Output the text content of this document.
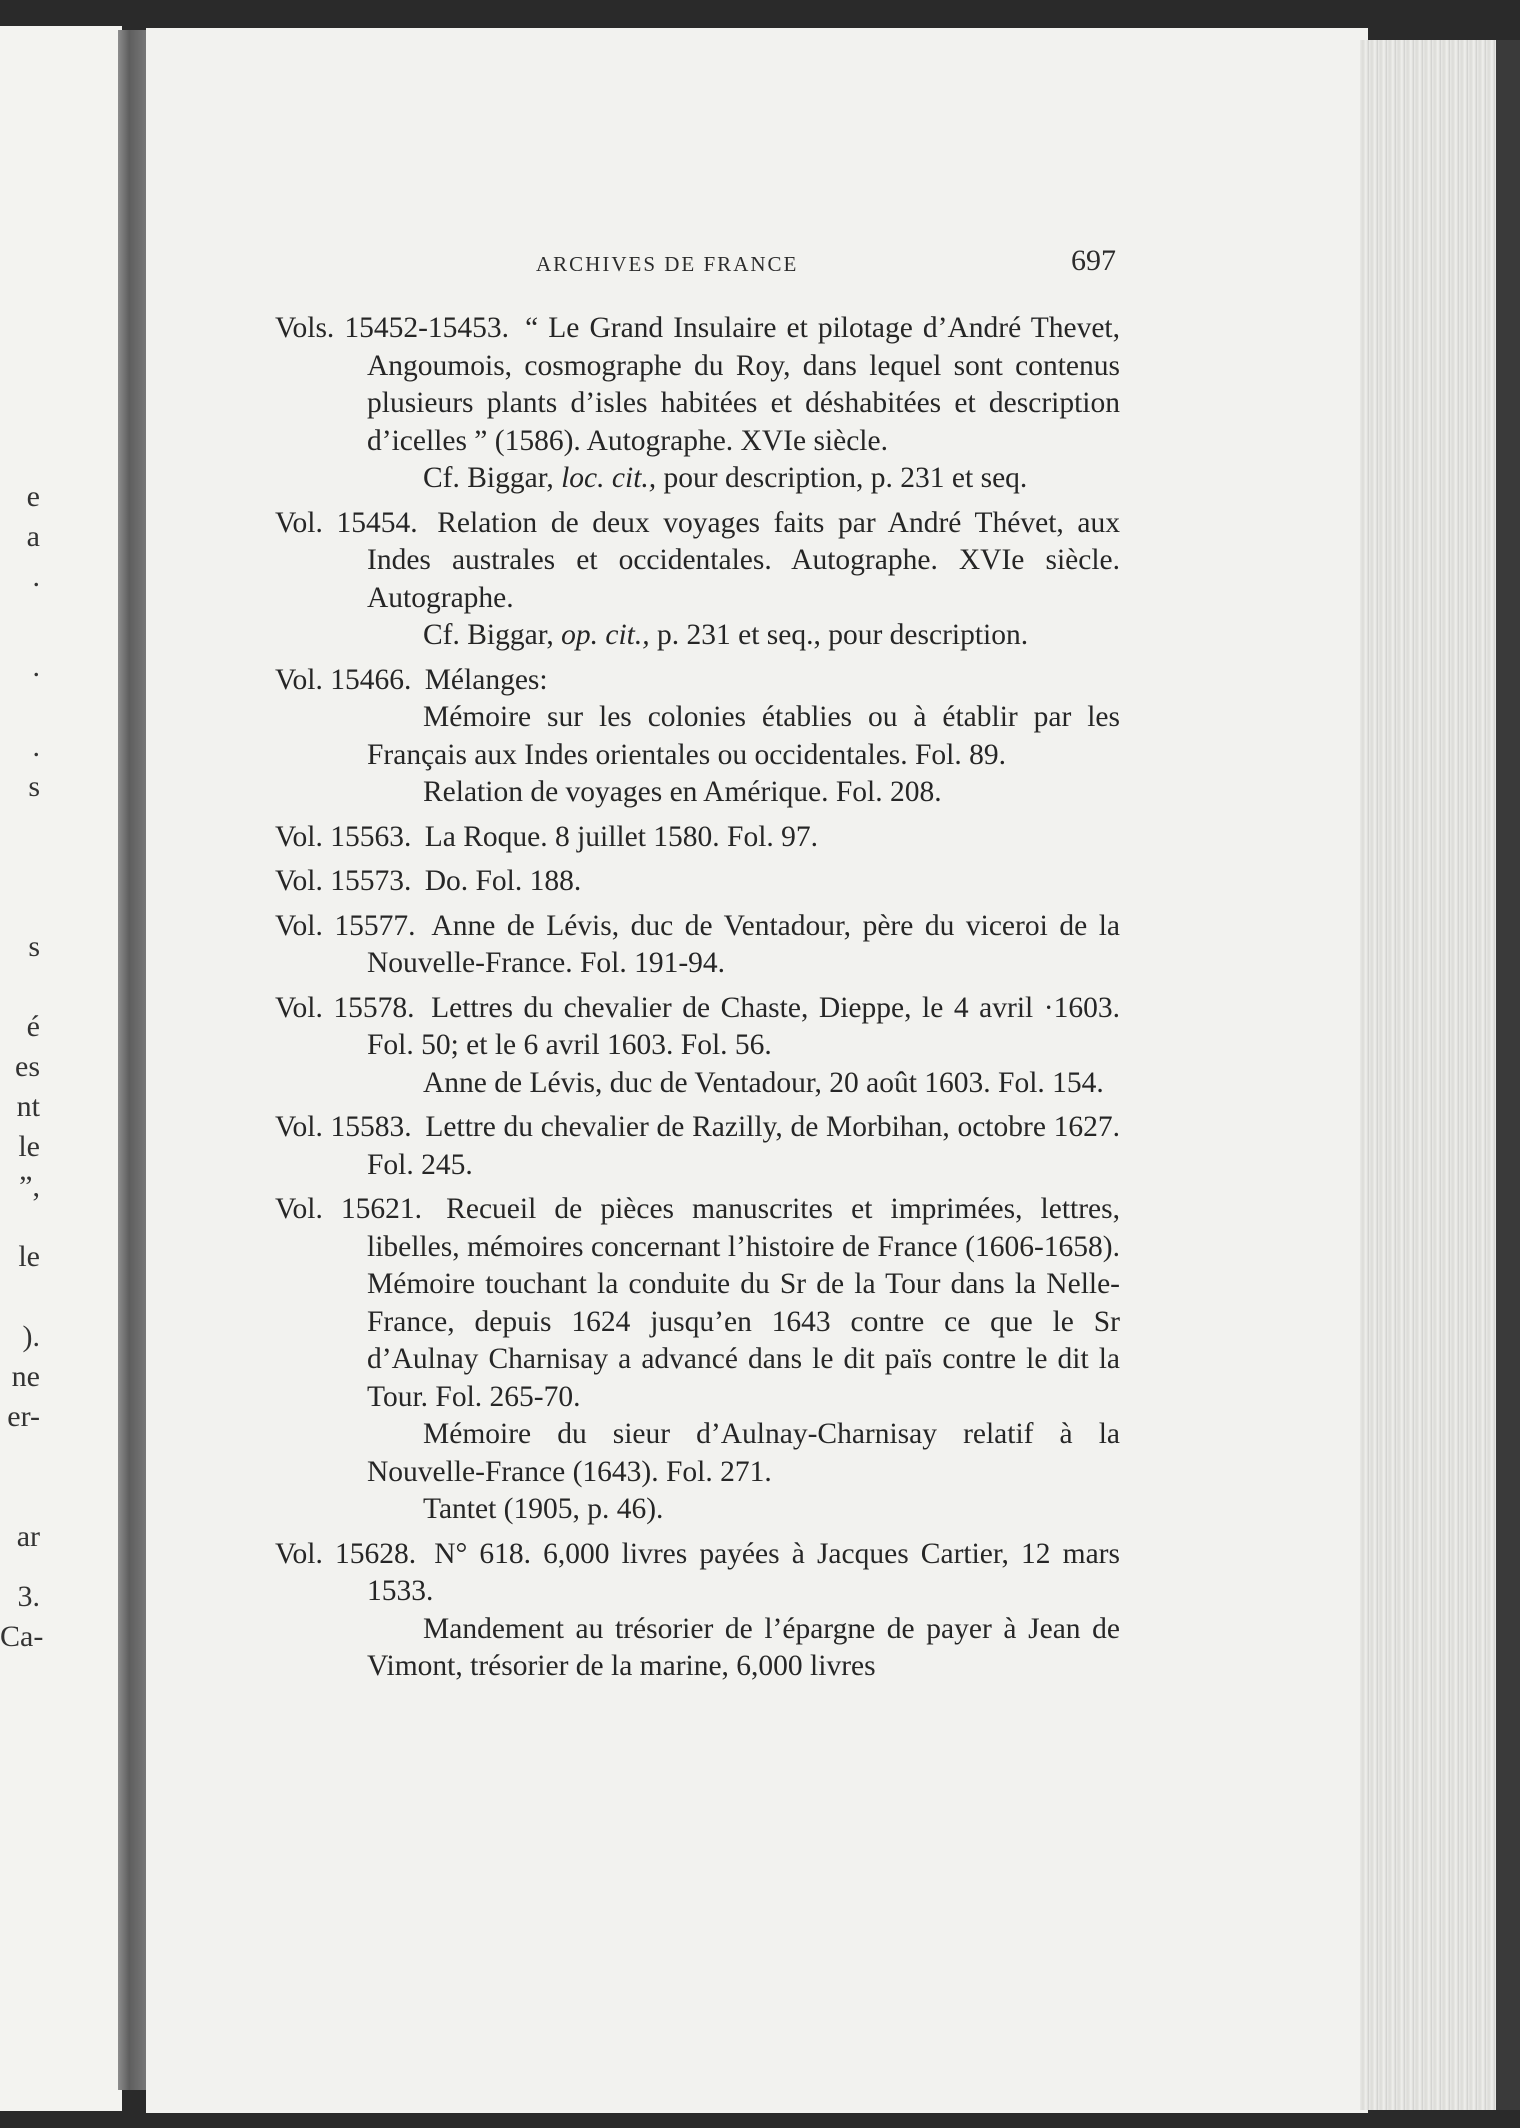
e
a
.
.
.
s
s
é
es
nt
le
”,
le
).
ne
er-
ar
3.
Ca-
ARCHIVES DE FRANCE	697

Vols. 15452-15453. “ Le Grand Insulaire et pilotage d’André Thevet, Angoumois, cosmographe du Roy, dans lequel sont contenus plusieurs plants d’isles habitées et déshabitées et description d’icelles ” (1586). Autographe. XVIe siècle.

Cf. Biggar, loc. cit., pour description, p. 231 et seq.

Vol. 15454. Relation de deux voyages faits par André Thévet, aux Indes australes et occidentales. Autographe. XVIe siècle. Autographe.

Cf. Biggar, op. cit., p. 231 et seq., pour description.

Vol. 15466. Mélanges:

Mémoire sur les colonies établies ou à établir par les Français aux Indes orientales ou occidentales. Fol. 89.

Relation de voyages en Amérique. Fol. 208.

Vol. 15563. La Roque. 8 juillet 1580. Fol. 97.

Vol. 15573. Do. Fol. 188.

Vol. 15577. Anne de Lévis, duc de Ventadour, père du viceroi de la Nouvelle-France. Fol. 191-94.

Vol. 15578. Lettres du chevalier de Chaste, Dieppe, le 4 avril ·1603. Fol. 50; et le 6 avril 1603. Fol. 56.

Anne de Lévis, duc de Ventadour, 20 août 1603. Fol. 154.

Vol. 15583. Lettre du chevalier de Razilly, de Morbihan, octobre 1627. Fol. 245.

Vol. 15621. Recueil de pièces manuscrites et imprimées, lettres, libelles, mémoires concernant l’histoire de France (1606-1658). Mémoire touchant la conduite du Sr de la Tour dans la Nelle-France, depuis 1624 jusqu’en 1643 contre ce que le Sr d’Aulnay Charnisay a advancé dans le dit païs contre le dit la Tour. Fol. 265-70.

Mémoire du sieur d’Aulnay-Charnisay relatif à la Nouvelle-France (1643). Fol. 271.

Tantet (1905, p. 46).

Vol. 15628. N° 618. 6,000 livres payées à Jacques Cartier, 12 mars 1533.

Mandement au trésorier de l’épargne de payer à Jean de Vimont, trésorier de la marine, 6,000 livres
